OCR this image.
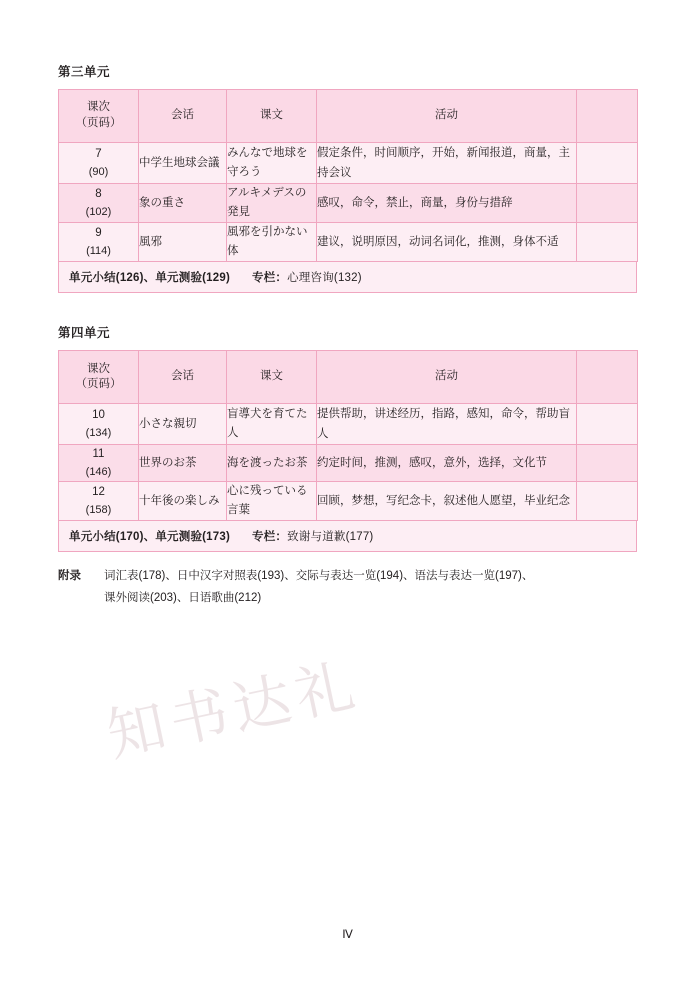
知书达礼
第三单元
课次
（页码）	会话	课文	活动	

7
(90)	中学生地球会議	みんなで地球を守ろう	假定条件，时间顺序，开始，新闻报道，商量，主持会议	

8
(102)	象の重さ	アルキメデスの発見	感叹，命令，禁止，商量，身份与措辞	

9
(114)	風邪	風邪を引かない体	建议，说明原因，动词名词化，推测，身体不适	
单元小结(126)、单元测验(129) 专栏：心理咨询(132)
第四单元
课次
（页码）	会话	课文	活动	

10
(134)	小さな親切	盲導犬を育てた人	提供帮助，讲述经历，指路，感知，命令，帮助盲人	

11
(146)	世界のお茶	海を渡ったお茶	约定时间，推测，感叹，意外，选择，文化节	

12
(158)	十年後の楽しみ	心に残っている言葉	回顾，梦想，写纪念卡，叙述他人愿望，毕业纪念	
单元小结(170)、单元测验(173) 专栏：致谢与道歉(177)
附录	词汇表(178)、日中汉字对照表(193)、交际与表达一览(194)、语法与表达一览(197)、
课外阅读(203)、日语歌曲(212)
Ⅳ
